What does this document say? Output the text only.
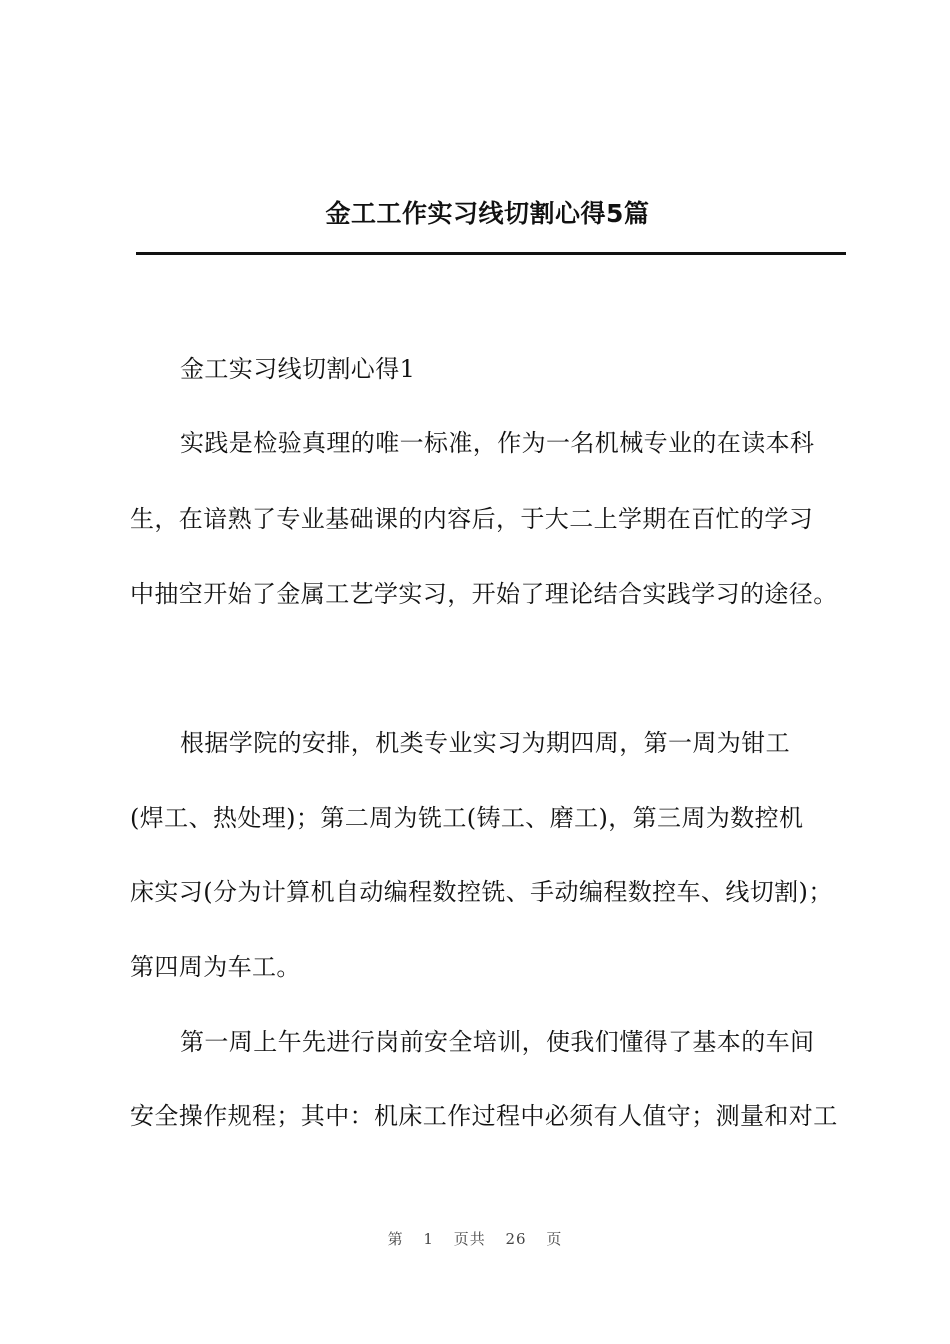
金工工作实习线切割心得5篇
金工实习线切割心得1
实践是检验真理的唯一标准，作为一名机械专业的在读本科
生，在谙熟了专业基础课的内容后，于大二上学期在百忙的学习
中抽空开始了金属工艺学实习，开始了理论结合实践学习的途径。
根据学院的安排，机类专业实习为期四周，第一周为钳工
(焊工、热处理)；第二周为铣工(铸工、磨工)，第三周为数控机
床实习(分为计算机自动编程数控铣、手动编程数控车、线切割)；
第四周为车工。
第一周上午先进行岗前安全培训，使我们懂得了基本的车间
安全操作规程；其中：机床工作过程中必须有人值守；测量和对工
第 1 页共 26 页
